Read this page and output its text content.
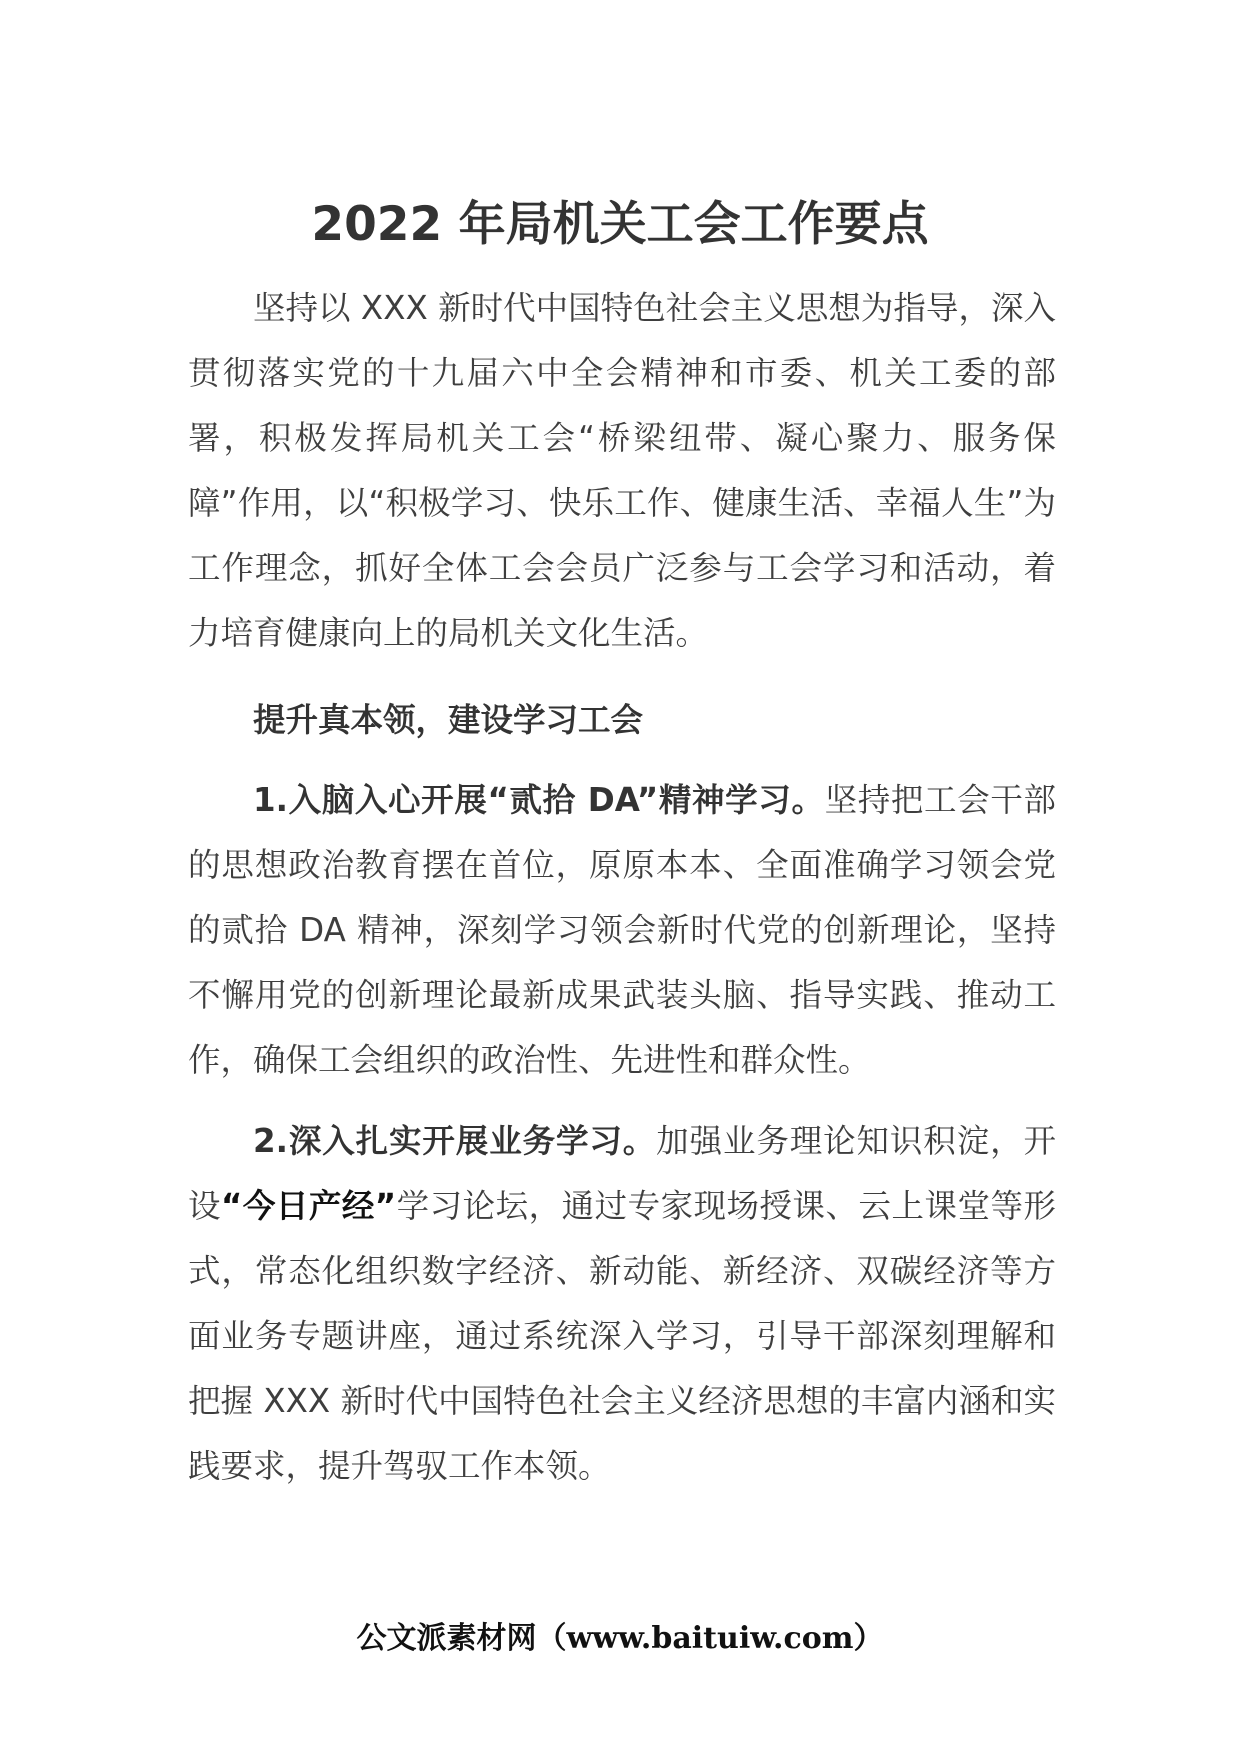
2022 年局机关工会工作要点

坚持以 XXX 新时代中国特色社会主义思想为指导，深入贯彻落实党的十九届六中全会精神和市委、机关工委的部署，积极发挥局机关工会“桥梁纽带、凝心聚力、服务保障”作用，以“积极学习、快乐工作、健康生活、幸福人生”为工作理念，抓好全体工会会员广泛参与工会学习和活动，着力培育健康向上的局机关文化生活。

提升真本领，建设学习工会

1.入脑入心开展“贰拾 DA”精神学习。坚持把工会干部的思想政治教育摆在首位，原原本本、全面准确学习领会党的贰拾 DA 精神，深刻学习领会新时代党的创新理论，坚持不懈用党的创新理论最新成果武装头脑、指导实践、推动工作，确保工会组织的政治性、先进性和群众性。

2.深入扎实开展业务学习。加强业务理论知识积淀，开设“今日产经”学习论坛，通过专家现场授课、云上课堂等形式，常态化组织数字经济、新动能、新经济、双碳经济等方面业务专题讲座，通过系统深入学习，引导干部深刻理解和把握 XXX 新时代中国特色社会主义经济思想的丰富内涵和实践要求，提升驾驭工作本领。

公文派素材网（www.baituiw.com）
